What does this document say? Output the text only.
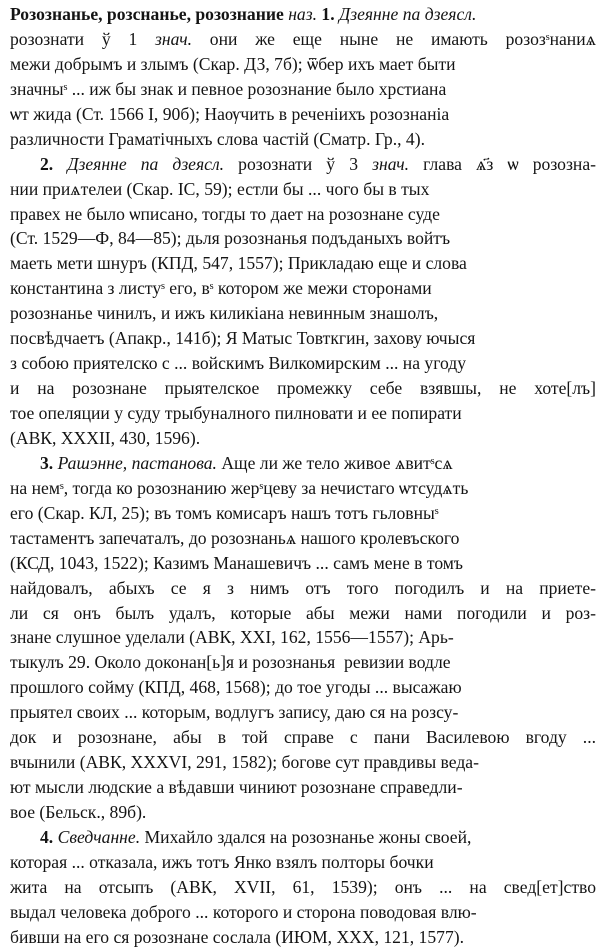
Розознанье, розснанье, розознание наз. 1. Дзеянне па дзеясл.
розознати ў 1 знач. они же еще ныне не имають розозˢнаниѧ
межи добрымъ и злымъ (Скар. ДЗ, 7б); ѿбер ихъ мает быти
значныˢ ... иж бы знак и певное розознание было хрстиана
ѡт жида (Ст. 1566 І, 90б); Наѹчить в реченіихъ розознаніа
различности Граматiчныхъ слова частiй (Сматр. Гр., 4).
2. Дзеянне па дзеясл. розознати ў 3 знач. глава ѧ҃з ѡ розозна-
нии приѧтелеи (Скар. ІС, 59); естли бы ... чого бы в тых
правех не было ѡписано, тогды то дает на розознане суде
(Ст. 1529—Ф, 84—85); дьля розознанья подъданыхъ войтъ
маеть мети шнуръ (КПД, 547, 1557); Прикладаю еще и слова
константина з листуˢ его, вˢ котором же межи сторонами
розознанье чинилъ, и ижъ киликiана невинным знашолъ,
посвѣдчаетъ (Апакр., 141б); Я Матыс Товткгин, захову ючыся
з собою приятелско с ... войскимъ Вилкомирским ... на угоду
и на розознане прыятелское промежку себе взявшы, не хоте[лъ]
тое опеляции у суду трыбуналного пилновати и ее попирати
(АВК, XXXII, 430, 1596).
3. Рашэнне, пастанова. Аще ли же тело живое ѧвитˢсѧ
на немˢ, тогда ко розознанию жерˢцеву за нечистаго ѡтсудѧть
его (Скар. КЛ, 25); въ томъ комисаръ нашъ тотъ гьловныˢ
тастаментъ запечаталъ, до розознаньѧ нашого кролевъского
(КСД, 1043, 1522); Казимъ Манашевичъ ... самъ мене в томъ
найдовалъ, абыхъ се я з нимъ отъ того погодилъ и на приете-
ли ся онъ былъ удалъ, которые абы межи нами погодили и роз-
знане слушное уделали (АВК, XXI, 162, 1556—1557); Арь-
тыкулъ 29. Около доконан[ь]я и розознанья  ревизии водле
прошлого сойму (КПД, 468, 1568); до тое угоды ... высажаю
прыятел своих ... которым, водлугъ запису, даю ся на розсу-
док и розознане, абы в той справе с пани Василевою вгоду ...
вчынили (АВК, XXXVI, 291, 1582); богове сут правдивы ведa-
ют мысли людские а вѣдавши чиниют розознане справедли-
вое (Бельск., 89б).
4. Сведчанне. Михайло здался на розознанье жоны своей,
которая ... отказала, ижъ тотъ Янко взялъ полторы бочки
жита на отсыпъ (АВК, XVII, 61, 1539); онъ ... на свед[ет]ство
выдал человека доброго ... которого и сторона поводовая влю-
бивши на его ся розознане сослала (ИЮМ, XXX, 121, 1577).
